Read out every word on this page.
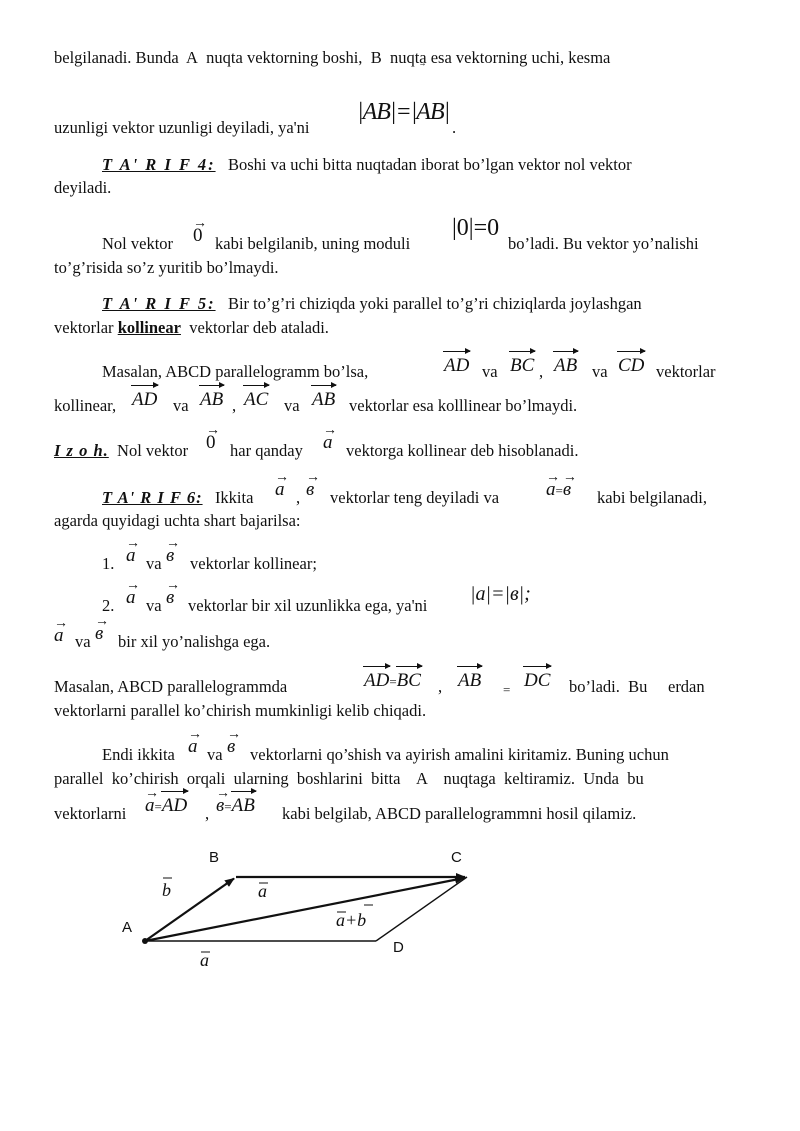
belgilanadi. Bunda A nuqta vektorning boshi, B nuqta esa vektorning uchi, kesma
uzunligi vektor uzunligi deyiladi, ya'ni
|AB|=|AB|
.
T A' R I F 4: Boshi va uchi bitta nuqtadan iborat bo’lgan vektor nol vektor
deyiladi.
Nol vektor
→
0 kabi belgilanib, uning moduli
|0|=0
bo’ladi. Bu vektor yo’nalishi
to’g’risida so’z yuritib bo’lmaydi.
T A' R I F 5: Bir to’g’ri chiziqda yoki parallel to’g’ri chiziqlarda joylashgan
vektorlar kollinear vektorlar deb ataladi.
Masalan, ABCD parallelogramm bo’lsa,	AD va BC , AB va CD vektorlar
kollinear, AD va AB , AC va AB vektorlar esa kolllinear bo’lmaydi.
I z o h. Nol vektor
→
0 har qanday
→
a vektorga kollinear deb hisoblanadi.
T A' R I F 6: Ikkita
→
a ,
→
в vektorlar teng deyiladi va
→
a=
→
в kabi belgilanadi,
agarda quyidagi uchta shart bajarilsa:
1.
→
a va
→
в vektorlar kollinear;
2.
→
a va
→
в vektorlar bir xil uzunlikka ega, ya'ni
|a|=|в|;
→
a va
→
в bir xil yo’nalishga ega.
Masalan, ABCD parallelogrammda	AD=
BC , AB = DC bo’ladi.  Bu     erdan
vektorlarni parallel ko’chirish mumkinligi kelib chiqadi.
Endi ikkita
→
a va
→
в vektorlarni qo’shish va ayirish amalini kiritamiz. Buning uchun
parallel  ko’chirish  orqali  ularning  boshlarini  bitta    A    nuqtaga  keltiramiz.  Unda  bu
vektorlarni
→
a=
AD ,
→
в=
AB kabi belgilab, ABCD parallelogrammni hosil qilamiz.
A
B	C
D
b	a
a+b
a
